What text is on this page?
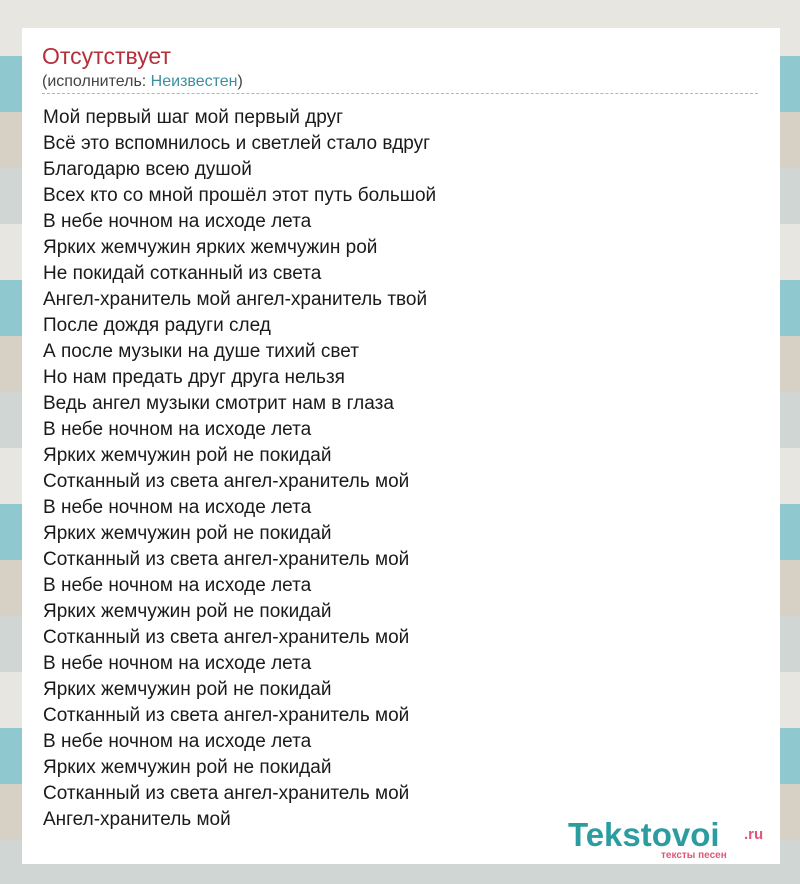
Отсутствует
(исполнитель: Неизвестен)
Мой первый шаг мой первый друг
Всё это вспомнилось и светлей стало вдруг
Благодарю всею душой
Всех кто со мной прошёл этот путь большой
В небе ночном на исходе лета
Ярких жемчужин ярких жемчужин рой
Не покидай сотканный из света
Ангел-хранитель мой ангел-хранитель твой
После дождя радуги след
А после музыки на душе тихий свет
Но нам предать друг друга нельзя
Ведь ангел музыки смотрит нам в глаза
В небе ночном на исходе лета
Ярких жемчужин рой не покидай
Сотканный из света ангел-хранитель мой
В небе ночном на исходе лета
Ярких жемчужин рой не покидай
Сотканный из света ангел-хранитель мой
В небе ночном на исходе лета
Ярких жемчужин рой не покидай
Сотканный из света ангел-хранитель мой
В небе ночном на исходе лета
Ярких жемчужин рой не покидай
Сотканный из света ангел-хранитель мой
В небе ночном на исходе лета
Ярких жемчужин рой не покидай
Сотканный из света ангел-хранитель мой
Ангел-хранитель мой	Tekstovoi .ru
тексты песен
